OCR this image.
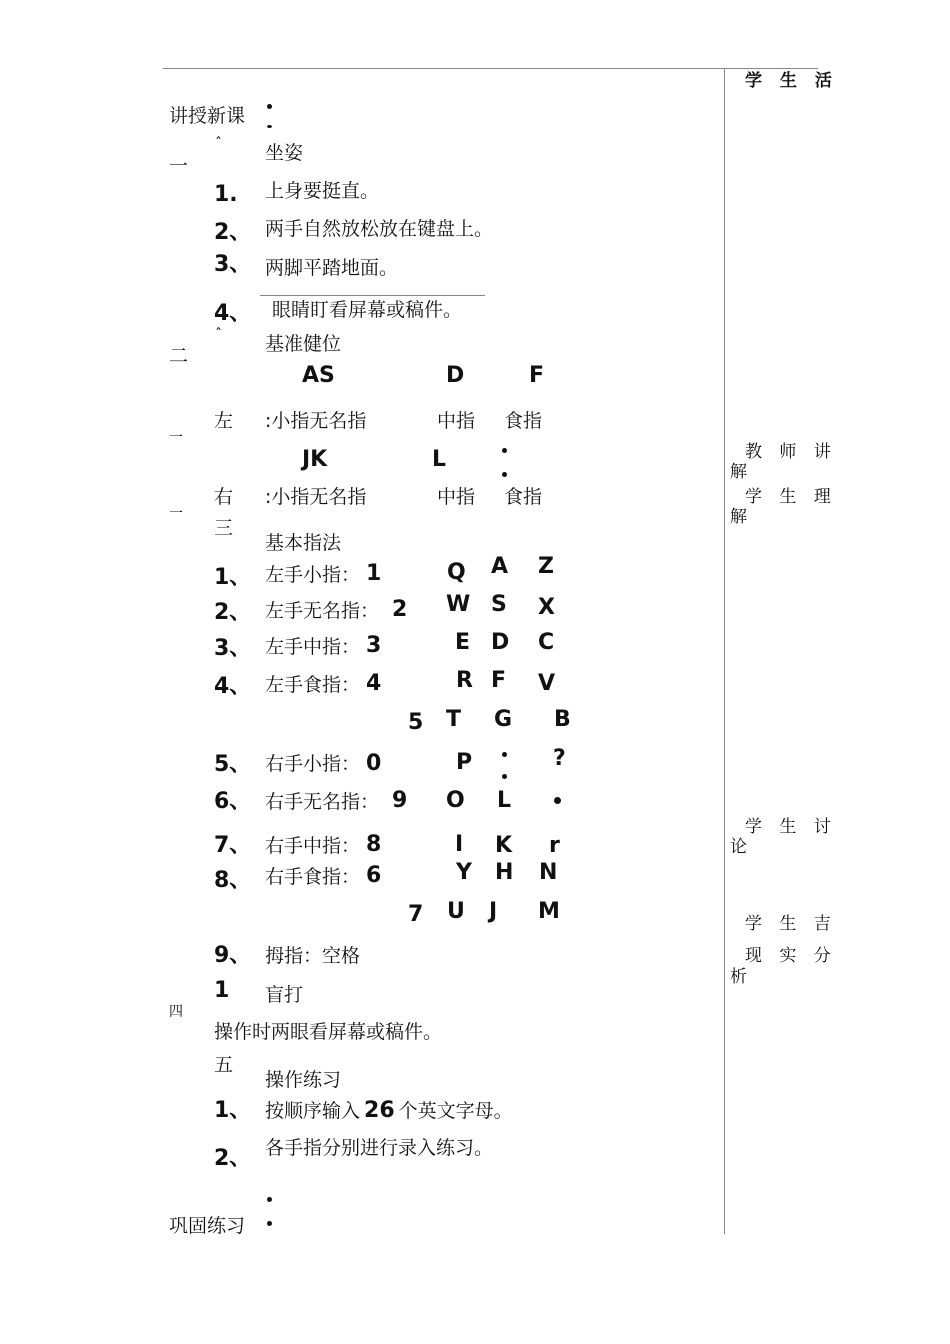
学 生 活
教 师 讲
解
学 生 理
解
学 生 讨
论
学 生 吉
现 实 分
析
讲授新课
巩固练习
ˆ
一
ˆ
二
一
一
三
四
五
坐姿
1. 上身要挺直。
2、 两手自然放松放在键盘上。
3、 两脚平踏地面。
4、 眼睛盯看屏幕或稿件。
基准健位
AS	D	F
左 :小指无名指	中指 食指
JK	L
右 :小指无名指	中指 食指
基本指法
1、 左手小指： 1	Q A Z
2、 左手无名指： 2 W S X
3、 左手中指： 3	E D C
4、 左手食指： 4	R F V
5 T G B
5、 右手小指： 0	P	?
6、 右手无名指： 9 O L
7、 右手中指： 8	I K r
8、 右手食指： 6	Y H N
7 U J M
9、 拇指：空格
1 盲打
操作时两眼看屏幕或稿件。
操作练习
1、 按顺序输入 26 个英文字母。
2、 各手指分别进行录入练习。
